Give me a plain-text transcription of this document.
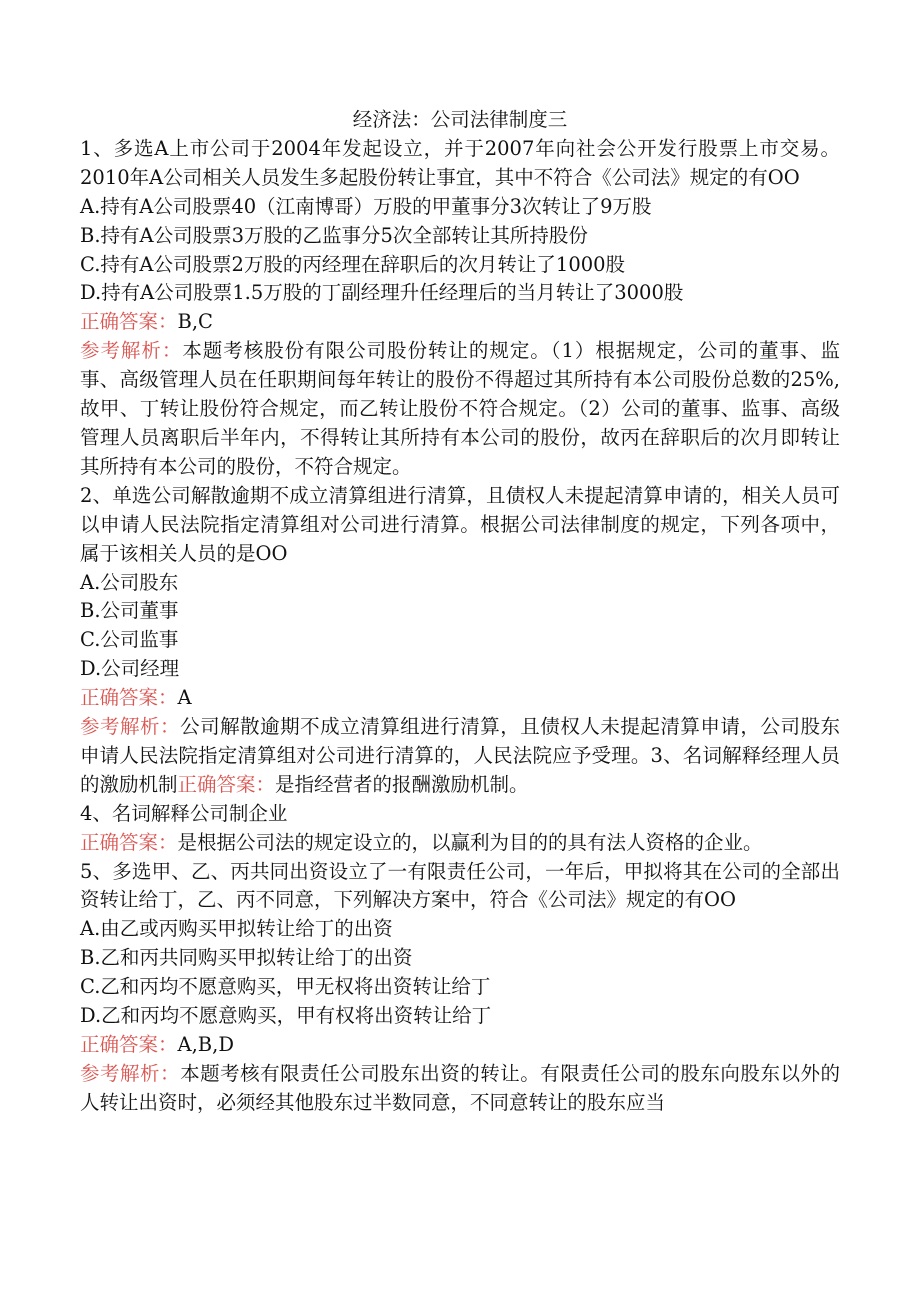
经济法：公司法律制度三

1、多选A上市公司于2004年发起设立，并于2007年向社会公开发行股票上市交易。2010年A公司相关人员发生多起股份转让事宜，其中不符合《公司法》规定的有OO

A.持有A公司股票40（江南博哥）万股的甲董事分3次转让了9万股
B.持有A公司股票3万股的乙监事分5次全部转让其所持股份
C.持有A公司股票2万股的丙经理在辞职后的次月转让了1000股
D.持有A公司股票1.5万股的丁副经理升任经理后的当月转让了3000股
正确答案：B,C

参考解析：本题考核股份有限公司股份转让的规定。（1）根据规定，公司的董事、监事、高级管理人员在任职期间每年转让的股份不得超过其所持有本公司股份总数的25%,故甲、丁转让股份符合规定，而乙转让股份不符合规定。（2）公司的董事、监事、高级管理人员离职后半年内，不得转让其所持有本公司的股份，故丙在辞职后的次月即转让其所持有本公司的股份，不符合规定。

2、单选公司解散逾期不成立清算组进行清算，且债权人未提起清算申请的，相关人员可以申请人民法院指定清算组对公司进行清算。根据公司法律制度的规定，下列各项中，属于该相关人员的是OO

A.公司股东
B.公司董事
C.公司监事
D.公司经理
正确答案：A

参考解析：公司解散逾期不成立清算组进行清算，且债权人未提起清算申请，公司股东申请人民法院指定清算组对公司进行清算的，人民法院应予受理。3、名词解释经理人员的激励机制正确答案：是指经营者的报酬激励机制。

4、名词解释公司制企业

正确答案：是根据公司法的规定设立的，以赢利为目的的具有法人资格的企业。

5、多选甲、乙、丙共同出资设立了一有限责任公司，一年后，甲拟将其在公司的全部出资转让给丁，乙、丙不同意，下列解决方案中，符合《公司法》规定的有OO

A.由乙或丙购买甲拟转让给丁的出资
B.乙和丙共同购买甲拟转让给丁的出资
C.乙和丙均不愿意购买，甲无权将出资转让给丁
D.乙和丙均不愿意购买，甲有权将出资转让给丁
正确答案：A,B,D

参考解析：本题考核有限责任公司股东出资的转让。有限责任公司的股东向股东以外的人转让出资时，必须经其他股东过半数同意，不同意转让的股东应当
